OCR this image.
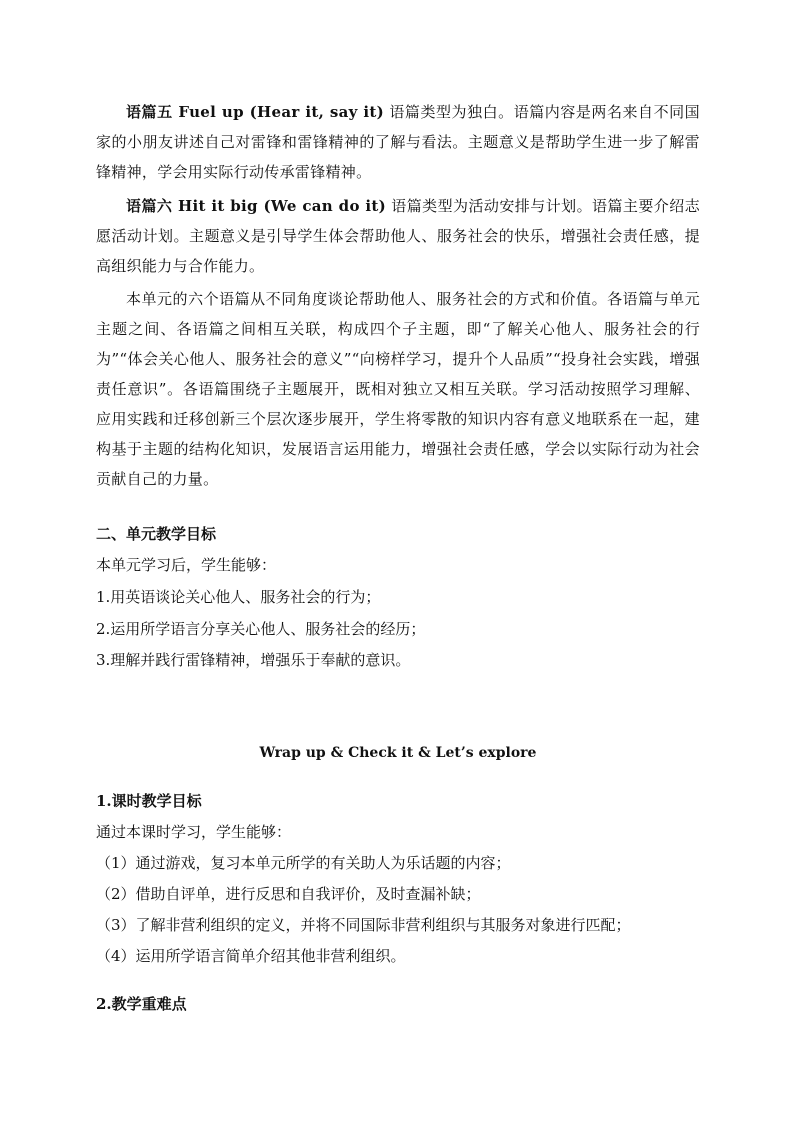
语篇五 Fuel up (Hear it, say it) 语篇类型为独白。语篇内容是两名来自不同国家的小朋友讲述自己对雷锋和雷锋精神的了解与看法。主题意义是帮助学生进一步了解雷锋精神，学会用实际行动传承雷锋精神。

语篇六 Hit it big (We can do it) 语篇类型为活动安排与计划。语篇主要介绍志愿活动计划。主题意义是引导学生体会帮助他人、服务社会的快乐，增强社会责任感，提高组织能力与合作能力。

本单元的六个语篇从不同角度谈论帮助他人、服务社会的方式和价值。各语篇与单元主题之间、各语篇之间相互关联，构成四个子主题，即“了解关心他人、服务社会的行为”“体会关心他人、服务社会的意义”“向榜样学习，提升个人品质”“投身社会实践，增强责任意识”。各语篇围绕子主题展开，既相对独立又相互关联。学习活动按照学习理解、应用实践和迁移创新三个层次逐步展开，学生将零散的知识内容有意义地联系在一起，建构基于主题的结构化知识，发展语言运用能力，增强社会责任感，学会以实际行动为社会贡献自己的力量。

二、单元教学目标

本单元学习后，学生能够：

1.用英语谈论关心他人、服务社会的行为；

2.运用所学语言分享关心他人、服务社会的经历；

3.理解并践行雷锋精神，增强乐于奉献的意识。

Wrap up & Check it & Let’s explore

1.课时教学目标

通过本课时学习，学生能够：

（1）通过游戏，复习本单元所学的有关助人为乐话题的内容；

（2）借助自评单，进行反思和自我评价，及时查漏补缺；

（3）了解非营利组织的定义，并将不同国际非营利组织与其服务对象进行匹配；

（4）运用所学语言简单介绍其他非营利组织。

2.教学重难点
